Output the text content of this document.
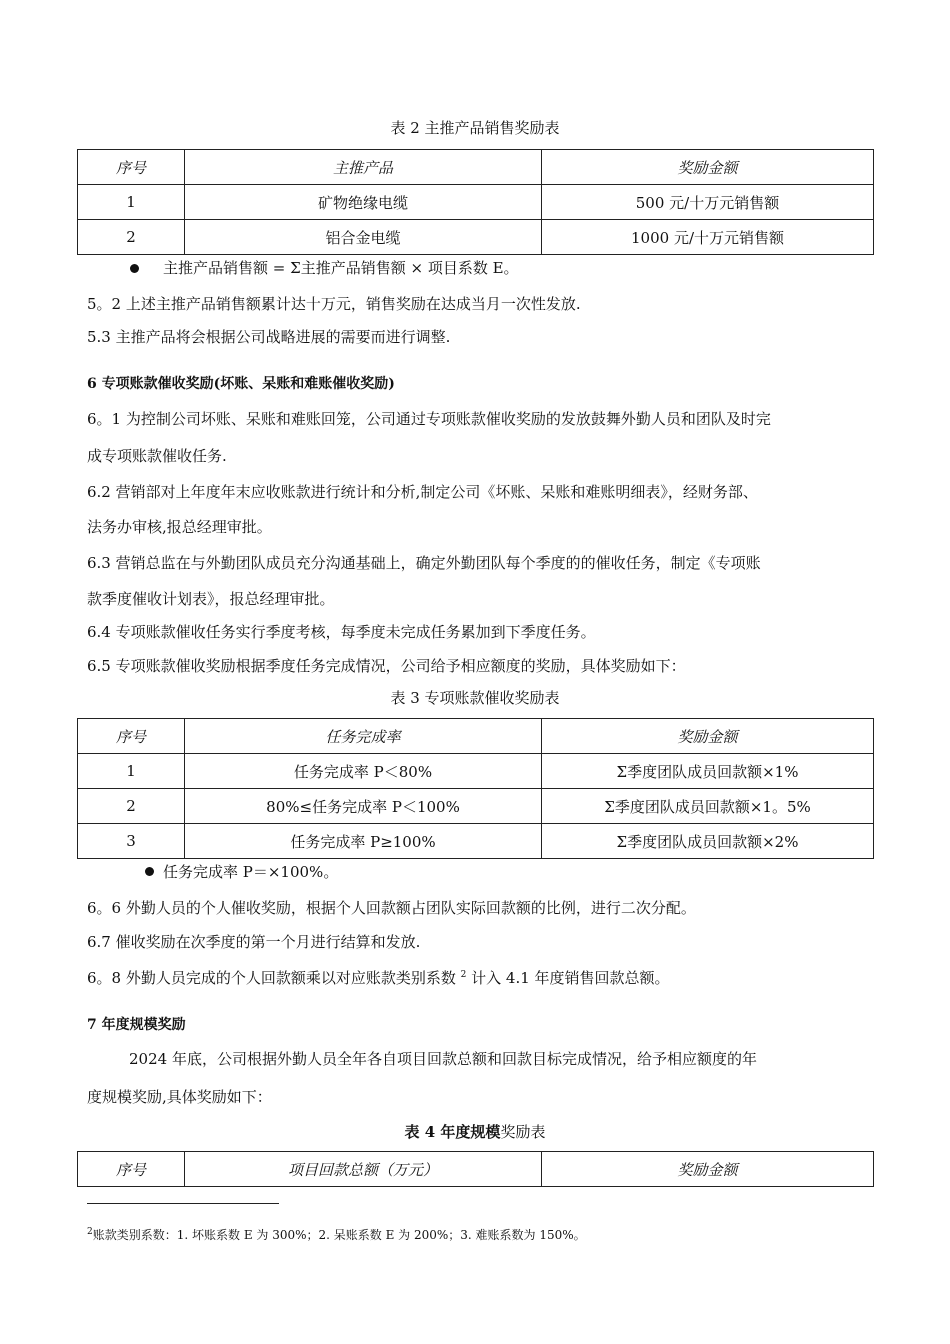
表 2 主推产品销售奖励表
序号	主推产品	奖励金额
1	矿物绝缘电缆	500 元/十万元销售额
2	铝合金电缆	1000 元/十万元销售额
主推产品销售额 = Σ主推产品销售额 × 项目系数 E。
5。2 上述主推产品销售额累计达十万元，销售奖励在达成当月一次性发放.
5.3 主推产品将会根据公司战略进展的需要而进行调整.
6 专项账款催收奖励(坏账、呆账和难账催收奖励)
6。1 为控制公司坏账、呆账和难账回笼，公司通过专项账款催收奖励的发放鼓舞外勤人员和团队及时完
成专项账款催收任务.
6.2 营销部对上年度年末应收账款进行统计和分析,制定公司《坏账、呆账和难账明细表》，经财务部、
法务办审核,报总经理审批。
6.3 营销总监在与外勤团队成员充分沟通基础上，确定外勤团队每个季度的的催收任务，制定《专项账
款季度催收计划表》，报总经理审批。
6.4 专项账款催收任务实行季度考核，每季度未完成任务累加到下季度任务。
6.5 专项账款催收奖励根据季度任务完成情况，公司给予相应额度的奖励，具体奖励如下：
表 3 专项账款催收奖励表
序号	任务完成率	奖励金额
1	任务完成率 P＜80%	Σ季度团队成员回款额×1%
2	80%≤任务完成率 P＜100%	Σ季度团队成员回款额×1。5%
3	任务完成率 P≥100%	Σ季度团队成员回款额×2%
任务完成率 P＝×100%。
6。6 外勤人员的个人催收奖励，根据个人回款额占团队实际回款额的比例，进行二次分配。
6.7 催收奖励在次季度的第一个月进行结算和发放.
6。8 外勤人员完成的个人回款额乘以对应账款类别系数 $^2$ 计入 4.1 年度销售回款总额。
7 年度规模奖励
2024 年底，公司根据外勤人员全年各自项目回款总额和回款目标完成情况，给予相应额度的年
度规模奖励,具体奖励如下：
表 4 年度规模奖励表
序号	项目回款总额（万元）	奖励金额
$^2$账款类别系数：1. 坏账系数 E 为 300%；2. 呆账系数 E 为 200%；3. 难账系数为 150%。
